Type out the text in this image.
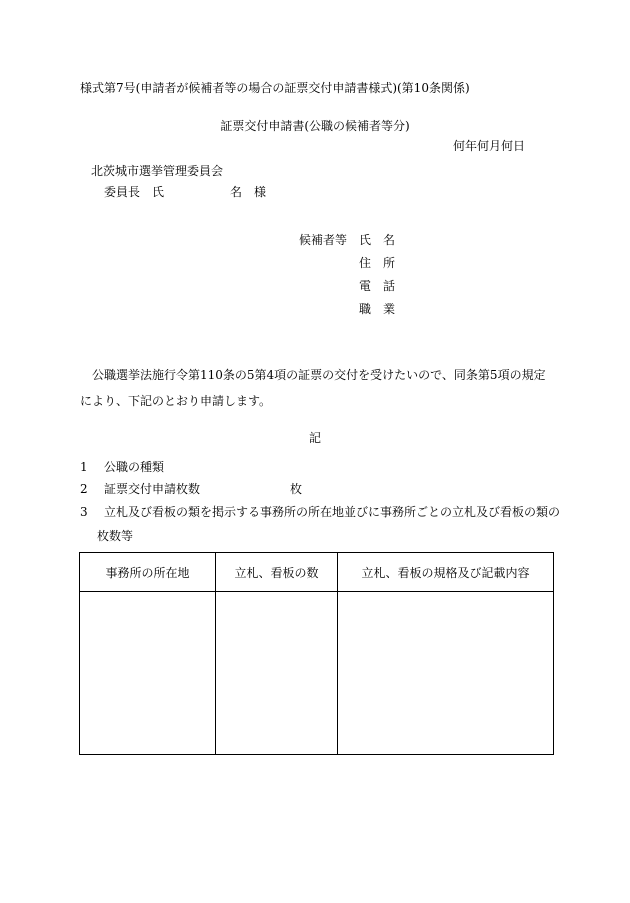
様式第7号(申請者が候補者等の場合の証票交付申請書様式)(第10条関係)
証票交付申請書(公職の候補者等分)
何年何月何日
北茨城市選挙管理委員会
委員長　氏	名　様
候補者等 氏　名
住　所
電　話
職　業
公職選挙法施行令第110条の5第4項の証票の交付を受けたいので、同条第5項の規定により、下記のとおり申請します。
記
1 公職の種類
2 証票交付申請枚数	枚
3 立札及び看板の類を掲示する事務所の所在地並びに事務所ごとの立札及び看板の類の
枚数等
事務所の所在地	立札、看板の数	立札、看板の規格及び記載内容
